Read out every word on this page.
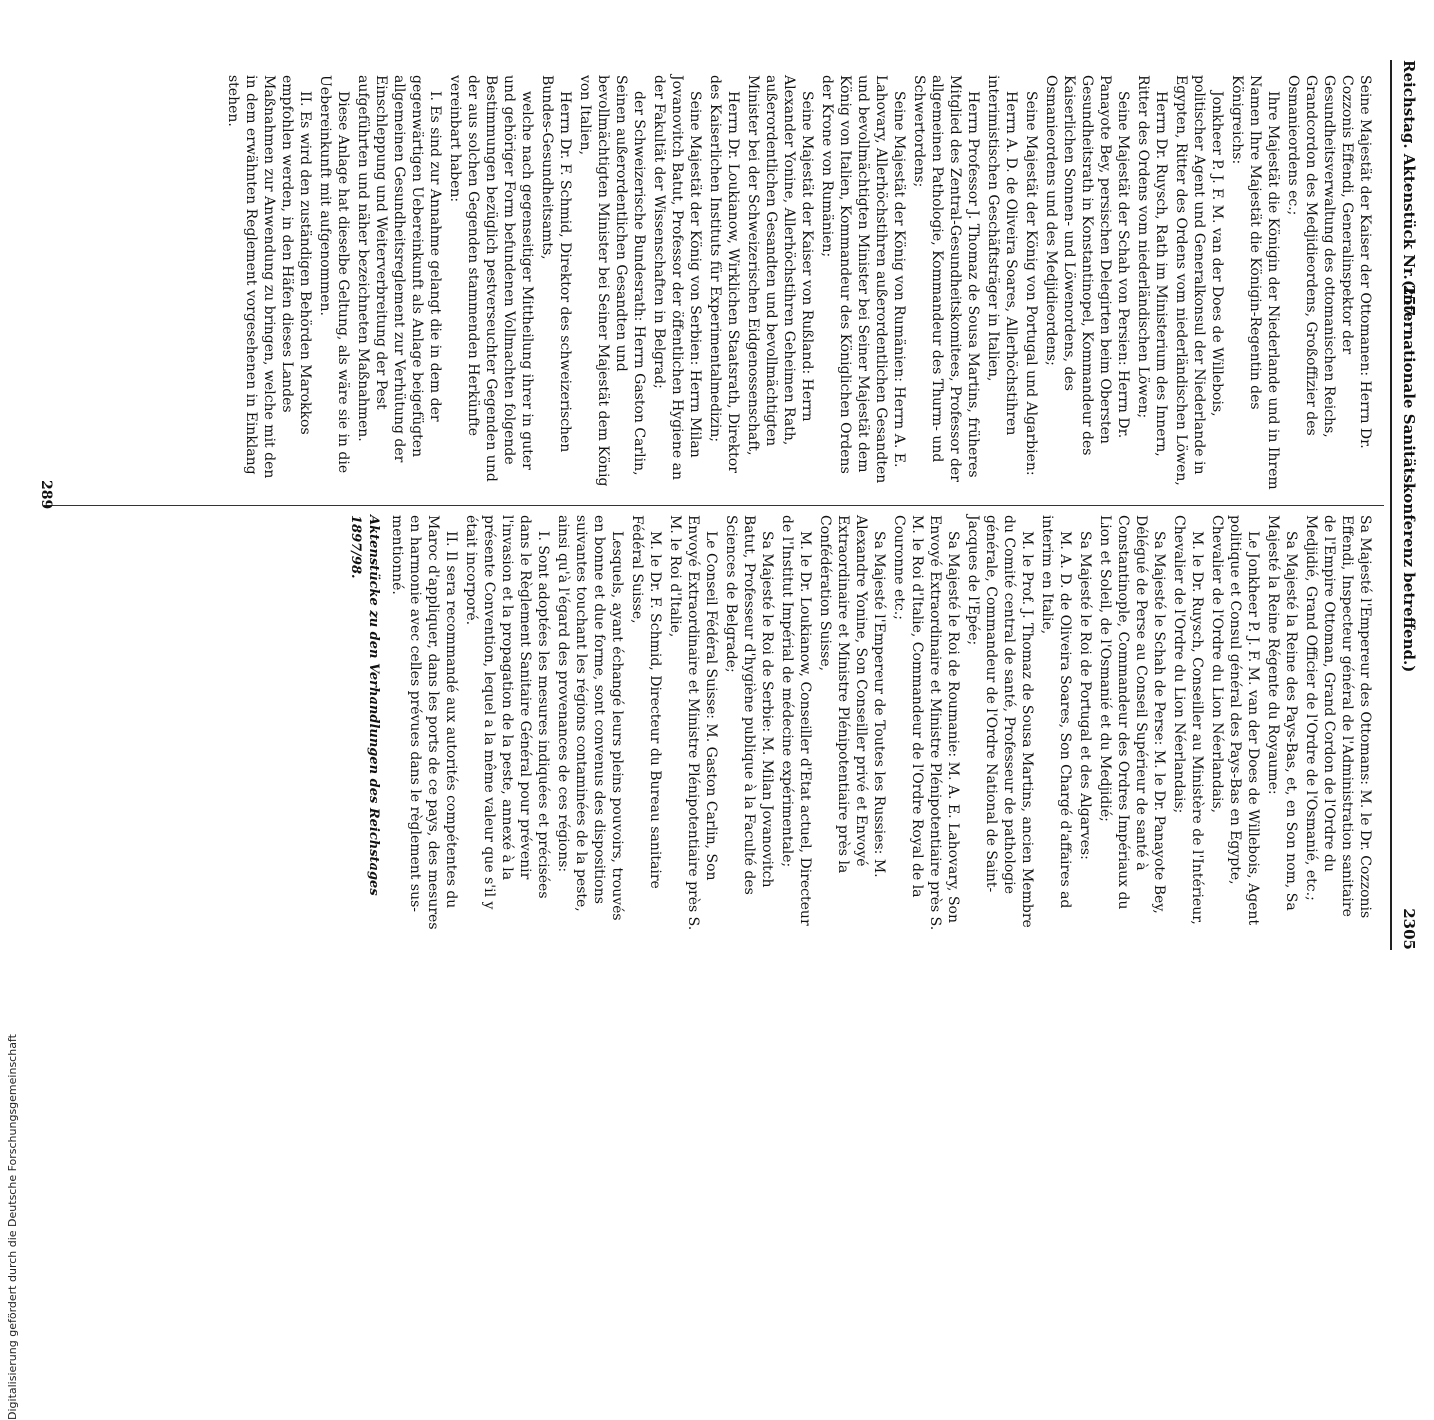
Reichstag. Aktenstück Nr. 257.
(Internationale Sanitätskonferenz betreffend.)
2305

Seine Majestät der Kaiser der Ottomanen: Herrn Dr. Cozzonis Effendi, Generalinspektor der Gesundheitsverwaltung des ottomanischen Reichs, Grandcordon des Medjidieordens, Großoffizier des Osmanieordens ec.;

Ihre Majestät die Königin der Niederlande und in Ihrem Namen Ihre Majestät die Königin-Regentin des Königreichs:

Jonkheer P. J. F. M. van der Does de Willebois, politischer Agent und Generalkonsul der Niederlande in Egypten, Ritter des Ordens vom niederländischen Löwen,

Herrn Dr. Ruysch, Rath im Ministerium des Innern, Ritter des Ordens vom niederländischen Löwen;

Seine Majestät der Schah von Persien: Herrn Dr. Panayote Bey, persischen Delegirten beim Obersten Gesundheitsrath in Konstantinopel, Kommandeur des Kaiserlichen Sonnen- und Löwenordens, des Osmanieordens und des Medjidieordens;

Seine Majestät der König von Portugal und Algarbien:

Herrn A. D. de Oliveira Soares, Allerhöchstihren interimistischen Geschäftsträger in Italien,

Herrn Professor J. Thomaz de Sousa Martins, früheres Mitglied des Zentral-Gesundheitskomitees, Professor der allgemeinen Pathologie, Kommandeur des Thurm- und Schwertordens;

Seine Majestät der König von Rumänien: Herrn A. E. Lahovary, Allerhöchstihren außerordentlichen Gesandten und bevollmächtigten Minister bei Seiner Majestät dem König von Italien, Kommandeur des Königlichen Ordens der Krone von Rumänien;

Seine Majestät der Kaiser von Rußland: Herrn Alexander Yonine, Allerhöchstihren Geheimen Rath, außerordentlichen Gesandten und bevollmächtigten Minister bei der Schweizerischen Eidgenossenschaft,

Herrn Dr. Loukianow, Wirklichen Staatsrath, Direktor des Kaiserlichen Instituts für Experimentalmedizin;

Seine Majestät der König von Serbien: Herrn Milan Jovanovitch Batut, Professor der öffentlichen Hygiene an der Fakultät der Wissenschaften in Belgrad;

der Schweizerische Bundesrath: Herrn Gaston Carlin, Seinen außerordentlichen Gesandten und bevollmächtigten Minister bei Seiner Majestät dem König von Italien,

Herrn Dr. F. Schmid, Direktor des schweizerischen Bundes-Gesundheitsamts,

welche nach gegenseitiger Mittheilung ihrer in guter und gehöriger Form befundenen Vollmachten folgende Bestimmungen bezüglich pestverseuchter Gegenden und der aus solchen Gegenden stammenden Herkünfte vereinbart haben:

I. Es sind zur Annahme gelangt die in dem der gegenwärtigen Uebereinkunft als Anlage beigefügten allgemeinen Gesundheitsreglement zur Verhütung der Einschleppung und Weiterverbreitung der Pest aufgeführten und näher bezeichneten Maßnahmen.

Diese Anlage hat dieselbe Geltung, als wäre sie in die Uebereinkunft mit aufgenommen.

II. Es wird den zuständigen Behörden Marokkos empfohlen werden, in den Häfen dieses Landes Maßnahmen zur Anwendung zu bringen, welche mit den in dem erwähnten Reglement vorgesehenen in Einklang stehen.

Sa Majesté l'Empereur des Ottomans: M. le Dr. Cozzonis Effendi, Inspecteur général de l'Administration sanitaire de l'Empire Ottoman, Grand Cordon de l'Ordre du Medjidié, Grand Officier de l'Ordre de l'Osmanié, etc.;

Sa Majesté la Reine des Pays-Bas, et, en Son nom, Sa Majesté la Reine Régente du Royaume:

Le Jonkheer P. J. F. M. van der Does de Willebois, Agent politique et Consul général des Pays-Bas en Egypte, Chevalier de l'Ordre du Lion Néerlandais,

M. le Dr. Ruysch, Conseiller au Ministère de l'Intérieur, Chevalier de l'Ordre du Lion Néerlandais;

Sa Majesté le Schah de Perse: M. le Dr. Panayote Bey, Délégué de Perse au Conseil Supérieur de santé à Constantinople, Commandeur des Ordres Impériaux du Lion et Soleil, de l'Osmanié et du Medjidié;

Sa Majesté le Roi de Portugal et des Algarves:

M. A. D. de Oliveira Soares, Son Chargé d'affaires ad interim en Italie,

M. le Prof. J. Thomaz de Sousa Martins, ancien Membre du Comité central de santé, Professeur de pathologie générale, Commandeur de l'Ordre National de Saint-Jacques de l'Epée;

Sa Majesté le Roi de Roumanie: M. A. E. Lahovary, Son Envoyé Extraordinaire et Ministre Plénipotentiaire près S. M. le Roi d'Italie, Commandeur de l'Ordre Royal de la Couronne etc.;

Sa Majesté l'Empereur de Toutes les Russies: M. Alexandre Yonine, Son Conseiller privé et Envoyé Extraordinaire et Ministre Plénipotentiaire près la Confédération Suisse,

M. le Dr. Loukianow, Conseiller d'Etat actuel, Directeur de l'Institut Impérial de médecine expérimentale;

Sa Majesté le Roi de Serbie: M. Milan Jovanovitch Batut, Professeur d'hygiène publique à la Faculté des Sciences de Belgrade;

Le Conseil Fédéral Suisse: M. Gaston Carlin, Son Envoyé Extraordinaire et Ministre Plénipotentiaire près S. M. le Roi d'Italie,

M. le Dr. F. Schmid, Directeur du Bureau sanitaire Fédéral Suisse,

Lesquels, ayant échangé leurs pleins pouvoirs, trouvés en bonne et due forme, sont convenus des dispositions suivantes touchant les régions contaminées de la peste, ainsi qu'à l'égard des provenances de ces régions:

I. Sont adoptées les mesures indiquées et précisées dans le Règlement Sanitaire Général pour prévenir l'invasion et la propagation de la peste, annexé à la présente Convention, lequel a la même valeur que s'il y était incorporé.

II. Il sera recommandé aux autorités compétentes du Maroc d'appliquer, dans les ports de ce pays, des mesures en harmonie avec celles prévues dans le règlement sus-mentionné.

Aktenstücke zu den Verhandlungen des Reichstages 1897/98.
289
Digitalisierung gefördert durch die Deutsche Forschungsgemeinschaft
